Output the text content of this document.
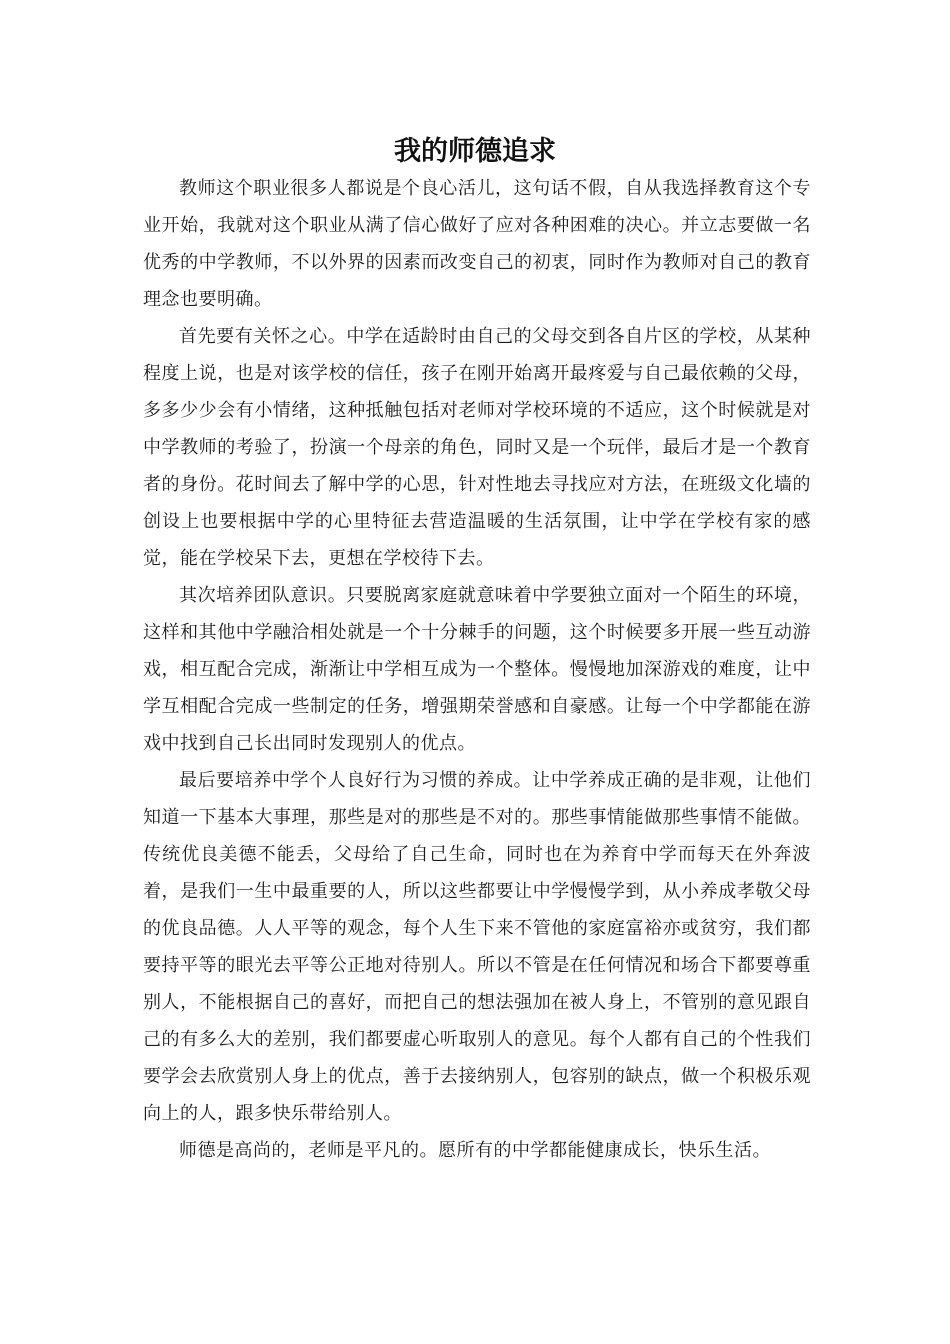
我的师德追求

教师这个职业很多人都说是个良心活儿，这句话不假，自从我选择教育这个专业开始，我就对这个职业从满了信心做好了应对各种困难的决心。并立志要做一名优秀的中学教师，不以外界的因素而改变自己的初衷，同时作为教师对自己的教育理念也要明确。

首先要有关怀之心。中学在适龄时由自己的父母交到各自片区的学校，从某种程度上说，也是对该学校的信任，孩子在刚开始离开最疼爱与自己最依赖的父母，多多少少会有小情绪，这种抵触包括对老师对学校环境的不适应，这个时候就是对中学教师的考验了，扮演一个母亲的角色，同时又是一个玩伴，最后才是一个教育者的身份。花时间去了解中学的心思，针对性地去寻找应对方法，在班级文化墙的创设上也要根据中学的心里特征去营造温暖的生活氛围，让中学在学校有家的感觉，能在学校呆下去，更想在学校待下去。

其次培养团队意识。只要脱离家庭就意味着中学要独立面对一个陌生的环境，这样和其他中学融洽相处就是一个十分棘手的问题，这个时候要多开展一些互动游戏，相互配合完成，渐渐让中学相互成为一个整体。慢慢地加深游戏的难度，让中学互相配合完成一些制定的任务，增强期荣誉感和自豪感。让每一个中学都能在游戏中找到自己长出同时发现别人的优点。

最后要培养中学个人良好行为习惯的养成。让中学养成正确的是非观，让他们知道一下基本大事理，那些是对的那些是不对的。那些事情能做那些事情不能做。传统优良美德不能丢，父母给了自己生命，同时也在为养育中学而每天在外奔波着，是我们一生中最重要的人，所以这些都要让中学慢慢学到，从小养成孝敬父母的优良品德。人人平等的观念，每个人生下来不管他的家庭富裕亦或贫穷，我们都要持平等的眼光去平等公正地对待别人。所以不管是在任何情况和场合下都要尊重别人，不能根据自己的喜好，而把自己的想法强加在被人身上，不管别的意见跟自己的有多么大的差别，我们都要虚心听取别人的意见。每个人都有自己的个性我们要学会去欣赏别人身上的优点，善于去接纳别人，包容别的缺点，做一个积极乐观向上的人，跟多快乐带给别人。

师德是高尚的，老师是平凡的。愿所有的中学都能健康成长，快乐生活。
